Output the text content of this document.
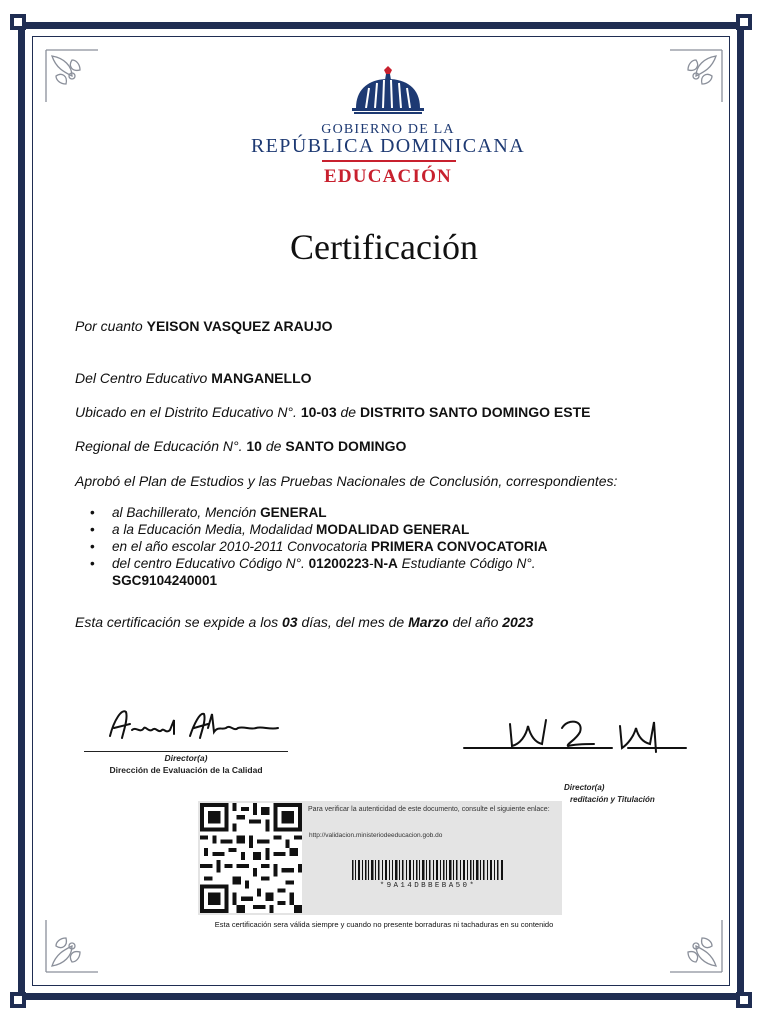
GOBIERNO DE LA
REPÚBLICA DOMINICANA
EDUCACIÓN
Certificación
Por cuanto YEISON VASQUEZ ARAUJO
Del Centro Educativo MANGANELLO
Ubicado en el Distrito Educativo N°. 10-03 de DISTRITO SANTO DOMINGO ESTE
Regional de Educación N°. 10 de SANTO DOMINGO
Aprobó el Plan de Estudios y las Pruebas Nacionales de Conclusión, correspondientes:
• al Bachillerato, Mención GENERAL
• a la Educación Media, Modalidad MODALIDAD GENERAL
• en el año escolar 2010-2011 Convocatoria PRIMERA CONVOCATORIA
• del centro Educativo Código N°. 01200223-N-A Estudiante Código N°.
SGC9104240001
Esta certificación se expide a los 03 días, del mes de Marzo del año 2023
Director(a)
Dirección de Evaluación de la Calidad
Director(a)
reditación y Titulación
Para verificar la autenticidad de este documento, consulte el siguiente enlace:
http://validacion.ministeriodeeducacion.gob.do
*9A14DBBEBA50*
Esta certificación sera válida siempre y cuando no presente borraduras ni tachaduras en su contenido
